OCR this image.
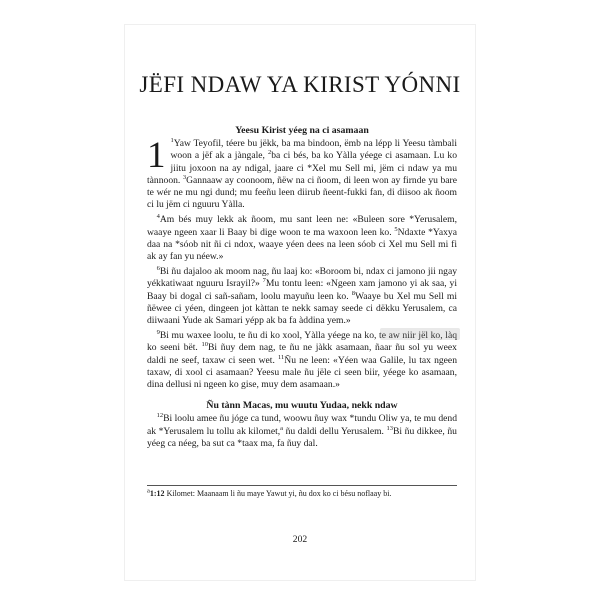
JËFI NDAW YA KIRIST YÓNNI
Yeesu Kirist yéeg na ci asamaan

1 $^1$Yaw Teyofil, téere bu jëkk, ba ma bindoon, ëmb na lépp li Yeesu tàmbali woon a jëf ak a jàngale, $^2$ba ci bés, ba ko Yàlla yéege ci asamaan. Lu ko jiitu joxoon na ay ndigal, jaare ci *Xel mu Sell mi, jëm ci ndaw ya mu tànnoon. $^3$Gannaaw ay coonoom, ñëw na ci ñoom, di leen won ay firnde yu bare te wér ne mu ngi dund; mu feeñu leen diirub ñeent-fukki fan, di diisoo ak ñoom ci lu jëm ci nguuru Yàlla.

 $^4$Am bés muy lekk ak ñoom, mu sant leen ne: «Buleen sore *Yerusalem, waaye ngeen xaar li Baay bi dige woon te ma waxoon leen ko. $^5$Ndaxte *Yaxya daa na *sóob nit ñi ci ndox, waaye yéen dees na leen sóob ci Xel mu Sell mi fi ak ay fan yu néew.»

 $^6$Bi ñu dajaloo ak moom nag, ñu laaj ko: «Boroom bi, ndax ci jamono jii ngay yékkatiwaat nguuru Israyil?» $^7$Mu tontu leen: «Ngeen xam jamono yi ak saa, yi Baay bi dogal ci sañ-sañam, loolu mayuñu leen ko. $^8$Waaye bu Xel mu Sell mi ñëwee ci yéen, dingeen jot kàttan te nekk samay seede ci dëkku Yerusalem, ca diiwaani Yude ak Samari yépp ak ba fa àddina yem.»

 $^9$Bi mu waxee loolu, te ñu di ko xool, Yàlla yéege na ko, te aw niir jël ko, làq ko seeni bët. $^{10}$Bi ñuy dem nag, te ñu ne jàkk asamaan, ñaar ñu sol yu weex daldi ne seef, taxaw ci seen wet. $^{11}$Ñu ne leen: «Yéen waa Galile, lu tax ngeen taxaw, di xool ci asamaan? Yeesu male ñu jële ci seen biir, yéege ko asamaan, dina dellusi ni ngeen ko gise, muy dem asamaan.»

Ñu tànn Macas, mu wuutu Yudaa, nekk ndaw

 $^{12}$Bi loolu amee ñu jóge ca tund, woowu ñuy wax *tundu Oliw ya, te mu dend ak *Yerusalem lu tollu ak kilomet,$^a$ ñu daldi dellu Yerusalem. $^{13}$Bi ñu dikkee, ñu yéeg ca néeg, ba sut ca *taax ma, fa ñuy dal.

$^a$1:12 Kilomet: Maanaam li ñu maye Yawut yi, ñu dox ko ci bésu noflaay bi.
202
